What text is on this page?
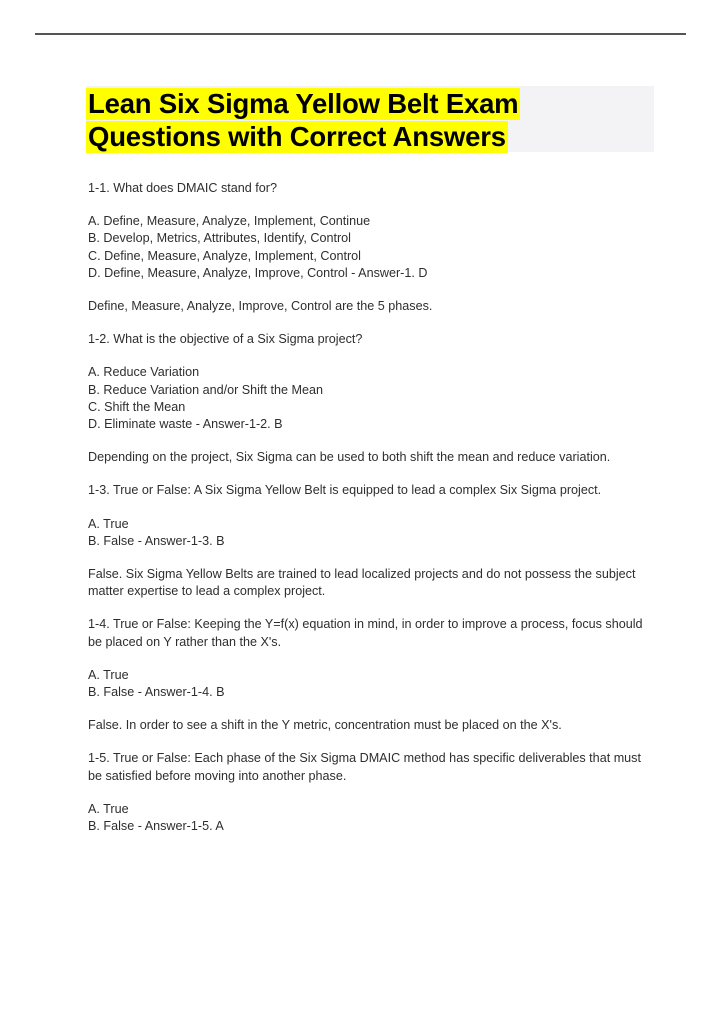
Lean Six Sigma Yellow Belt Exam
Questions with Correct Answers

1-1. What does DMAIC stand for?

A. Define, Measure, Analyze, Implement, Continue
B. Develop, Metrics, Attributes, Identify, Control
C. Define, Measure, Analyze, Implement, Control
D. Define, Measure, Analyze, Improve, Control - Answer-1. D

Define, Measure, Analyze, Improve, Control are the 5 phases.

1-2. What is the objective of a Six Sigma project?

A. Reduce Variation
B. Reduce Variation and/or Shift the Mean
C. Shift the Mean
D. Eliminate waste - Answer-1-2. B

Depending on the project, Six Sigma can be used to both shift the mean and reduce variation.

1-3. True or False: A Six Sigma Yellow Belt is equipped to lead a complex Six Sigma project.

A. True
B. False - Answer-1-3. B

False. Six Sigma Yellow Belts are trained to lead localized projects and do not possess the subject matter expertise to lead a complex project.

1-4. True or False: Keeping the Y=f(x) equation in mind, in order to improve a process, focus should be placed on Y rather than the X's.

A. True
B. False - Answer-1-4. B

False. In order to see a shift in the Y metric, concentration must be placed on the X's.

1-5. True or False: Each phase of the Six Sigma DMAIC method has specific deliverables that must be satisfied before moving into another phase.

A. True
B. False - Answer-1-5. A
